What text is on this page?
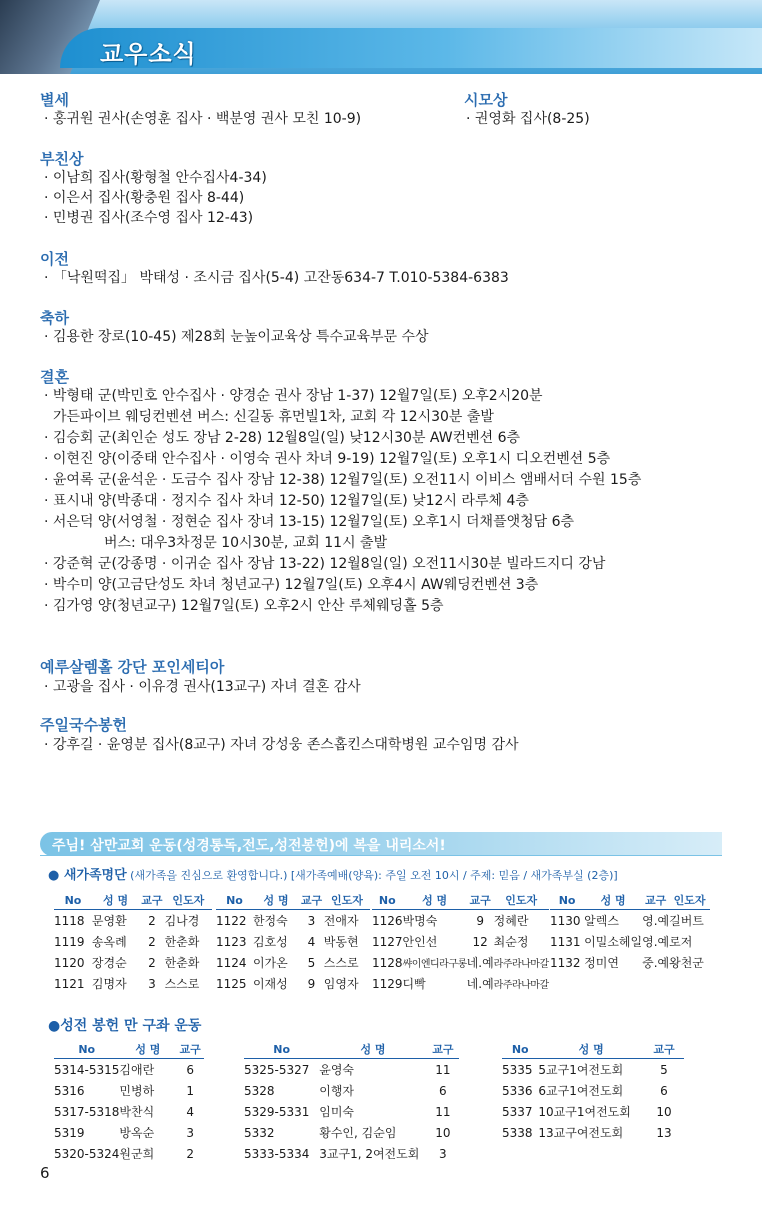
교우소식
별세
· 홍귀원 권사(손영훈 집사 · 백분영 권사 모친 10-9)
시모상
· 권영화 집사(8-25)
부친상
· 이남희 집사(황형철 안수집사4-34)
· 이은서 집사(황충원 집사 8-44)
· 민병권 집사(조수영 집사 12-43)
이전
· 「낙원떡집」 박태성 · 조시금 집사(5-4) 고잔동634-7 T.010-5384-6383
축하
· 김용한 장로(10-45) 제28회 눈높이교육상 특수교육부문 수상
결혼
· 박형태 군(박민호 안수집사 · 양경순 권사 장남 1-37) 12월7일(토) 오후2시20분
가든파이브 웨딩컨벤션 버스: 신길동 휴먼빌1차, 교회 각 12시30분 출발
· 김승회 군(최인순 성도 장남 2-28) 12월8일(일) 낮12시30분 AW컨벤션 6층
· 이현진 양(이중태 안수집사 · 이영숙 권사 차녀 9-19) 12월7일(토) 오후1시 디오컨벤션 5층
· 윤여록 군(윤석운 · 도금수 집사 장남 12-38) 12월7일(토) 오전11시 이비스 앰배서더 수원 15층
· 표시내 양(박종대 · 정지수 집사 차녀 12-50) 12월7일(토) 낮12시 라루체 4층
· 서은덕 양(서영철 · 정현순 집사 장녀 13-15) 12월7일(토) 오후1시 더채플앳청담 6층
버스: 대우3차정문 10시30분, 교회 11시 출발
· 강준혁 군(강종명 · 이귀순 집사 장남 13-22) 12월8일(일) 오전11시30분 빌라드지디 강남
· 박수미 양(고금단성도 차녀 청년교구) 12월7일(토) 오후4시 AW웨딩컨벤션 3층
· 김가영 양(청년교구) 12월7일(토) 오후2시 안산 루체웨딩홀 5층
예루살렘홀 강단 포인세티아
· 고광을 집사 · 이유경 권사(13교구) 자녀 결혼 감사
주일국수봉헌
· 강후길 · 윤영분 집사(8교구) 자녀 강성웅 존스홉킨스대학병원 교수임명 감사
주님! 삼만교회 운동(성경통독,전도,성전봉헌)에 복을 내리소서!
● 새가족명단 (새가족을 진심으로 환영합니다.) [새가족예배(양육): 주일 오전 10시 / 주제: 믿음 / 새가족부실 (2층)]
No	성 명	교구	인도자
1118	문영환	2	김나경
1119	송옥례	2	한춘화
1120	장경순	2	한춘화
1121	김명자	3	스스로
No	성 명	교구	인도자
1122	한정숙	3	전애자
1123	김호성	4	박동현
1124	이가온	5	스스로
1125	이재성	9	임영자
No	성 명	교구	인도자
1126	박명숙	9	정혜란
1127	안인선	12	최순정
1128	쌰이엔디라구롱	네.예	라주라나마갈
1129	디빡	네.예	라주라나마갈
No	성 명	교구	인도자
1130	알렉스	영.예	길버트
1131	이밀소헤일	영.예	로저
1132	정미연	중.예	왕천군
●성전 봉헌 만 구좌 운동
No	성 명	교구
5314-5315	김애란	6
5316	민병하	1
5317-5318	박찬식	4
5319	방옥순	3
5320-5324	원군희	2
No	성 명	교구
5325-5327	윤영숙	11
5328	이행자	6
5329-5331	임미숙	11
5332	황수인, 김순임	10
5333-5334	3교구1, 2여전도회	3
No	성 명	교구
5335	5교구1여전도회	5
5336	6교구1여전도회	6
5337	10교구1여전도회	10
5338	13교구여전도회	13
6
